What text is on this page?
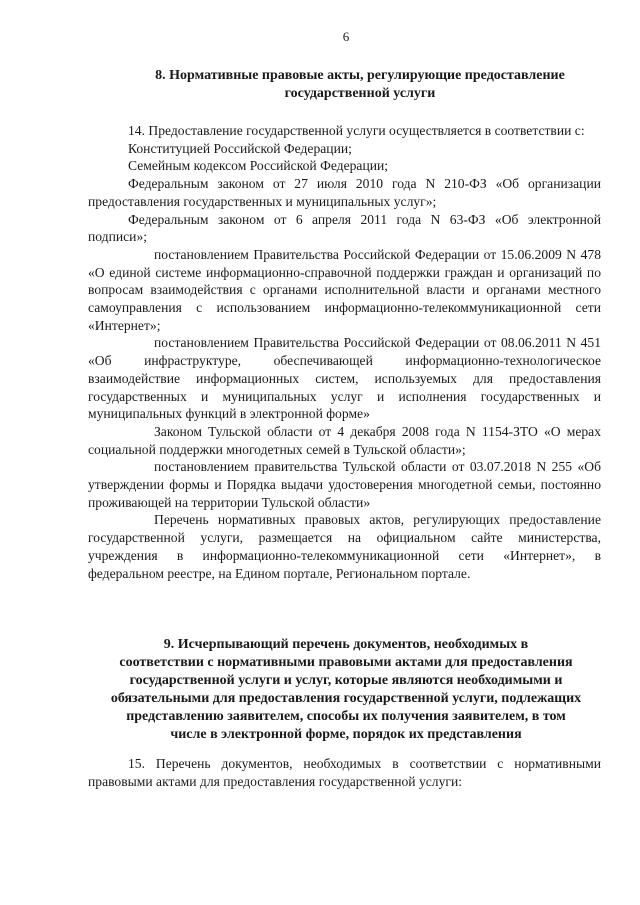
6
8. Нормативные правовые акты, регулирующие предоставление
государственной услуги

14. Предоставление государственной услуги осуществляется в соответствии с:

Конституцией Российской Федерации;

Семейным кодексом Российской Федерации;

Федеральным законом от 27 июля 2010 года N 210-ФЗ «Об организации предоставления государственных и муниципальных услуг»;

Федеральным законом от 6 апреля 2011 года N 63-ФЗ «Об электронной подписи»;

постановлением Правительства Российской Федерации от 15.06.2009 N 478 «О единой системе информационно-справочной поддержки граждан и организаций по вопросам взаимодействия с органами исполнительной власти и органами местного самоуправления с использованием информационно-телекоммуникационной сети «Интернет»;

постановлением Правительства Российской Федерации от 08.06.2011 N 451 «Об инфраструктуре, обеспечивающей информационно-технологическое взаимодействие информационных систем, используемых для предоставления государственных и муниципальных услуг и исполнения государственных и муниципальных функций в электронной форме»

Законом Тульской области от 4 декабря 2008 года N 1154-ЗТО «О мерах социальной поддержки многодетных семей в Тульской области»;

постановлением правительства Тульской области от 03.07.2018 N 255 «Об утверждении формы и Порядка выдачи удостоверения многодетной семьи, постоянно проживающей на территории Тульской области»

Перечень нормативных правовых актов, регулирующих предоставление государственной услуги, размещается на официальном сайте министерства, учреждения в информационно-телекоммуникационной сети «Интернет», в федеральном реестре, на Едином портале, Региональном портале.

9. Исчерпывающий перечень документов, необходимых в
соответствии с нормативными правовыми актами для предоставления
государственной услуги и услуг, которые являются необходимыми и
обязательными для предоставления государственной услуги, подлежащих
представлению заявителем, способы их получения заявителем, в том
числе в электронной форме, порядок их представления

15. Перечень документов, необходимых в соответствии с нормативными правовыми актами для предоставления государственной услуги:
